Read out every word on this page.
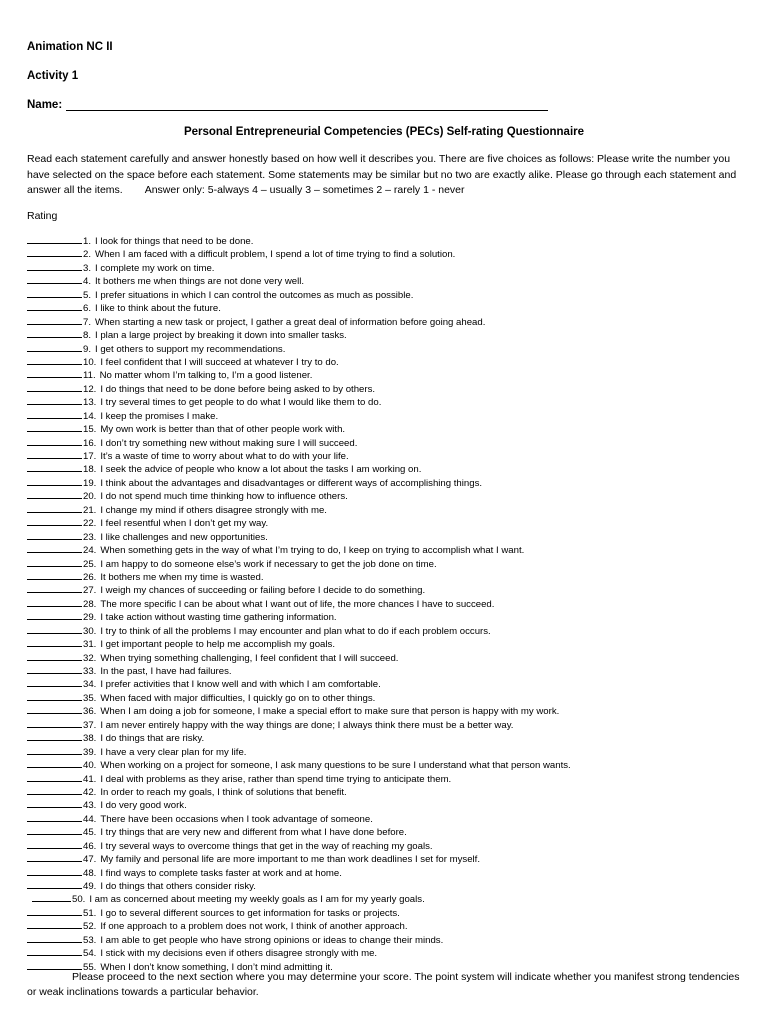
Animation NC II
Activity 1
Name:
Personal Entrepreneurial Competencies (PECs) Self-rating Questionnaire
Read each statement carefully and answer honestly based on how well it describes you. There are five choices as follows: Please write the number you have selected on the space before each statement. Some statements may be similar but no two are exactly alike. Please go through each statement and answer all the items. Answer only: 5-always 4 – usually 3 – sometimes 2 – rarely 1 - never
Rating
1. I look for things that need to be done.
2. When I am faced with a difficult problem, I spend a lot of time trying to find a solution.
3. I complete my work on time.
4. It bothers me when things are not done very well.
5. I prefer situations in which I can control the outcomes as much as possible.
6. I like to think about the future.
7. When starting a new task or project, I gather a great deal of information before going ahead.
8. I plan a large project by breaking it down into smaller tasks.
9. I get others to support my recommendations.
10. I feel confident that I will succeed at whatever I try to do.
11. No matter whom I’m talking to, I’m a good listener.
12. I do things that need to be done before being asked to by others.
13. I try several times to get people to do what I would like them to do.
14. I keep the promises I make.
15. My own work is better than that of other people work with.
16. I don’t try something new without making sure I will succeed.
17. It’s a waste of time to worry about what to do with your life.
18. I seek the advice of people who know a lot about the tasks I am working on.
19. I think about the advantages and disadvantages or different ways of accomplishing things.
20. I do not spend much time thinking how to influence others.
21. I change my mind if others disagree strongly with me.
22. I feel resentful when I don’t get my way.
23. I like challenges and new opportunities.
24. When something gets in the way of what I’m trying to do, I keep on trying to accomplish what I want.
25. I am happy to do someone else’s work if necessary to get the job done on time.
26. It bothers me when my time is wasted.
27. I weigh my chances of succeeding or failing before I decide to do something.
28. The more specific I can be about what I want out of life, the more chances I have to succeed.
29. I take action without wasting time gathering information.
30. I try to think of all the problems I may encounter and plan what to do if each problem occurs.
31. I get important people to help me accomplish my goals.
32. When trying something challenging, I feel confident that I will succeed.
33. In the past, I have had failures.
34. I prefer activities that I know well and with which I am comfortable.
35. When faced with major difficulties, I quickly go on to other things.
36. When I am doing a job for someone, I make a special effort to make sure that person is happy with my work.
37. I am never entirely happy with the way things are done; I always think there must be a better way.
38. I do things that are risky.
39. I have a very clear plan for my life.
40. When working on a project for someone, I ask many questions to be sure I understand what that person wants.
41. I deal with problems as they arise, rather than spend time trying to anticipate them.
42. In order to reach my goals, I think of solutions that benefit.
43. I do very good work.
44. There have been occasions when I took advantage of someone.
45. I try things that are very new and different from what I have done before.
46. I try several ways to overcome things that get in the way of reaching my goals.
47. My family and personal life are more important to me than work deadlines I set for myself.
48. I find ways to complete tasks faster at work and at home.
49. I do things that others consider risky.
50. I am as concerned about meeting my weekly goals as I am for my yearly goals.
51. I go to several different sources to get information for tasks or projects.
52. If one approach to a problem does not work, I think of another approach.
53. I am able to get people who have strong opinions or ideas to change their minds.
54. I stick with my decisions even if others disagree strongly with me.
55. When I don’t know something, I don’t mind admitting it.
Please proceed to the next section where you may determine your score. The point system will indicate whether you manifest strong tendencies or weak inclinations towards a particular behavior.
